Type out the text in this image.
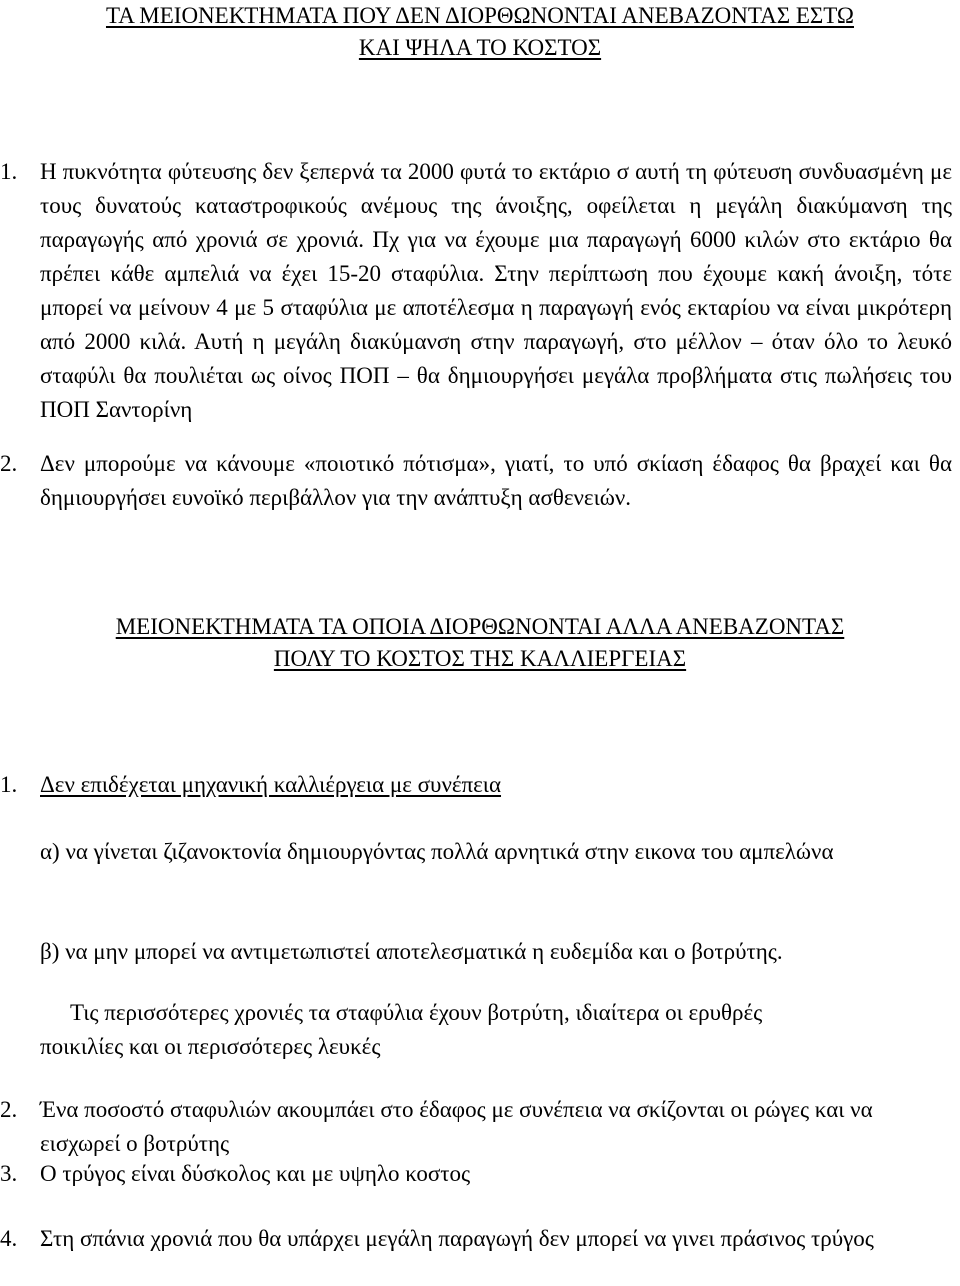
ΤΑ ΜΕΙΟΝΕΚΤΗΜΑΤΑ ΠΟΥ ΔΕΝ ΔΙΟΡΘΩΝΟΝΤΑΙ ΑΝΕΒΑΖΟΝΤΑΣ ΕΣΤΩ
ΚΑΙ ΨΗΛΑ ΤΟ ΚΟΣΤΟΣ
1. Η πυκνότητα φύτευσης δεν ξεπερνά τα 2000 φυτά το εκτάριο σ αυτή τη φύτευση συνδυασμένη με τους δυνατούς καταστροφικούς ανέμους της άνοιξης, οφείλεται η μεγάλη διακύμανση της παραγωγής από χρονιά σε χρονιά. Πχ για να έχουμε μια παραγωγή 6000 κιλών στο εκτάριο θα πρέπει κάθε αμπελιά να έχει 15-20 σταφύλια. Στην περίπτωση που έχουμε κακή άνοιξη, τότε μπορεί να μείνουν 4 με 5 σταφύλια με αποτέλεσμα η παραγωγή ενός εκταρίου να είναι μικρότερη από 2000 κιλά. Αυτή η μεγάλη διακύμανση στην παραγωγή, στο μέλλον – όταν όλο το λευκό σταφύλι θα πουλιέται ως οίνος ΠΟΠ – θα δημιουργήσει μεγάλα προβλήματα στις πωλήσεις του ΠΟΠ Σαντορίνη
2. Δεν μπορούμε να κάνουμε «ποιοτικό πότισμα», γιατί, το υπό σκίαση έδαφος θα βραχεί και θα δημιουργήσει ευνοϊκό περιβάλλον για την ανάπτυξη ασθενειών.
ΜΕΙΟΝΕΚΤΗΜΑΤΑ ΤΑ ΟΠΟΙΑ ΔΙΟΡΘΩΝΟΝΤΑΙ ΑΛΛΑ ΑΝΕΒΑΖΟΝΤΑΣ
ΠΟΛΥ ΤΟ ΚΟΣΤΟΣ ΤΗΣ ΚΑΛΛΙΕΡΓΕΙΑΣ
1. Δεν επιδέχεται μηχανική καλλιέργεια με συνέπεια
α) να γίνεται ζιζανοκτονία δημιουργόντας πολλά αρνητικά στην εικονα του αμπελώνα
β) να μην μπορεί να αντιμετωπιστεί αποτελεσματικά η ευδεμίδα και ο βοτρύτης.
Τις περισσότερες χρονιές τα σταφύλια έχουν βοτρύτη, ιδιαίτερα οι ερυθρές ποικιλίες και οι περισσότερες λευκές
2. Ένα ποσοστό σταφυλιών ακουμπάει στο έδαφος με συνέπεια να σκίζονται οι ρώγες και να εισχωρεί ο βοτρύτης
3. Ο τρύγος είναι δύσκολος και με υψηλο κοστος
4. Στη σπάνια χρονιά που θα υπάρχει μεγάλη παραγωγή δεν μπορεί να γινει πράσινος τρύγος
